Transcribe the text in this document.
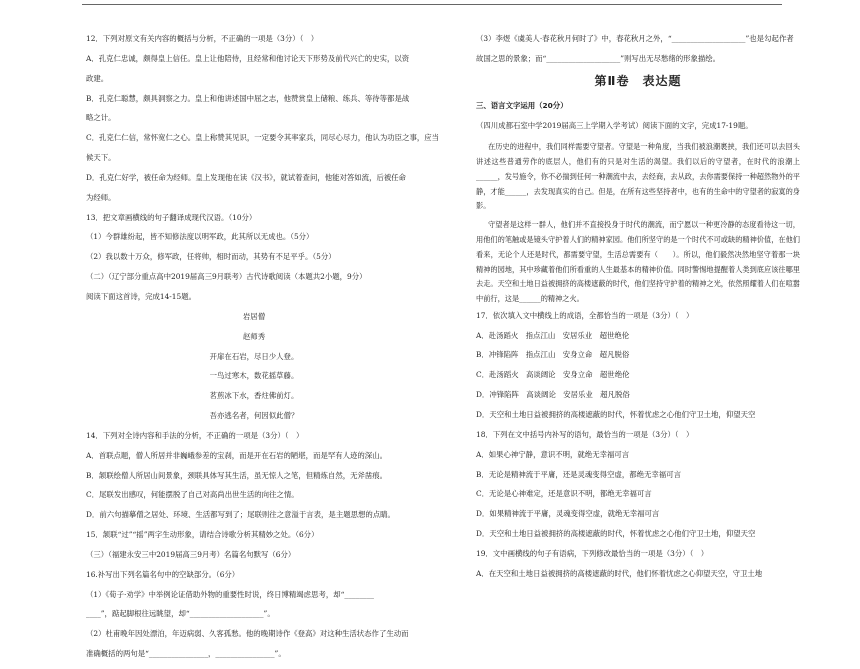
12．下列对原文有关内容的概括与分析，不正确的一项是（3分）（　）
A．孔克仁忠诚，颇得皇上信任。皇上让他陪侍，且经常和他讨论天下形势及前代兴亡的史实，以资
政建。
B．孔克仁聪慧，颇具洞察之力。皇上和他讲述国中屈之志，他赞赏皇上储粮、练兵、等待等都是战
略之计。
C．孔克仁仁信，常怀宽仁之心。皇上称赞其见识，一定要令其率家兵，同尽心尽力，他认为功臣之事，应当
候天下。
D．孔克仁好学，被任命为经师。皇上发现他在读《汉书》，就试着查问，他能对答如流，后被任命
为经师。
13．把文章画横线的句子翻译成现代汉语。（10分）
（1）今群雄纷起，皆不知修法度以明军政，此其所以无成也。（5分）
（2）我以数十万众，修军政，任将帅，相时而动，其势有不足平乎。（5分）
（二）（辽宁部分重点高中2019届高三9月联考）古代诗歌阅读（本题共2小题，9分）
阅读下面这首诗，完成14-15题。
岩居僧
赵师秀
开扉在石岩，尽日少人登。
一鸟过寒木，数花摇草藤。
茗煎冰下水，香炷佛前灯。
吾亦逃名者，何因似此僧？
14．下列对全诗内容和手法的分析，不正确的一项是（3分）（　）
A．首联点题，僧人所居并非巍峨参差的宝刹，而是开在石岩的陋堪，而是罕有人迹的深山。
B．颔联绘僧人所居山间景象，颈联具体写其生活，虽无惊人之笔，但精炼自然，无斧凿痕。
C．尾联发出感叹，何能摆脱了自己对高尚出世生活的向往之情。
D．前六句描摹僧之居处、环境、生活都写到了；尾联则往之意溢于言表，是主题思想的点睛。
15．颔联“过”“摇”两字生动形象，请结合诗歌分析其精妙之处。（6分）
（三）（福建永安三中2019届高三9月考）名篇名句默写（6分）
16.补写出下列名篇名句中的空缺部分。（6分）
（1）《荀子·劝学》中举例论证借助外物的重要性时说，终日博精竭虑思考，却“________
____”，踮起脚根往远眺望，却“____________________”。
（2）杜甫晚年因处漂泊，年迈病弱、久客孤愁。他的晚期诗作《登高》对这种生活状态作了生动而
准确概括的两句是“________________，________________”。
（3）李煜《虞美人·春花秋月何时了》中，春花秋月之外，“____________________”也是勾起作者
故国之思的景象；而“____________________”则写出无尽愁绪的形象描绘。
第Ⅱ卷　表达题
三、语言文字运用（20分）
（四川成都石室中学2019届高三上学期入学考试）阅读下面的文字，完成17-19题。
在历史的进程中，我们同样需要守望者。守望是一种角度，当我们被浪潮裹挟，我们还可以去回头讲述这些普通劳作的底层人，他们有的只是对生活的渴望。我们以后的守望者，在时代的浪潮上______，发号施令，你不必揣到任何一种潮流中去，去经商，去从政，去你需要保持一种超然物外的平静，才能______，去发现真实的自己。但是，在所有这些坚持者中，也有的生命中的守望者的寂寞的身影。
守望者是这样一群人，他们并不直接投身于时代的潮流，而宁愿以一种更冷静的态度看待这一切，用他们的笔触或是镜头守护着人们的精神家园。他们所坚守的是一个时代不可或缺的精神价值，在他们看来，无论个人还是时代，都需要守望，生活总需要有（　　）。所以，他们毅然决然地坚守着那一块精神的园地，其中珍藏着他们所看重的人生最基本的精神价值。同时警惕地提醒着人类到底应该往哪里去走。天空和土地日益被拥挤的高楼遮蔽的时代，他们坚持守护着的精神之光，依然照耀着人们在喧嚣中前行，这是______的精神之火。
17．依次填入文中横线上的成语，全都恰当的一项是（3分）（　）
A．赴汤蹈火　指点江山　安居乐业　超世绝伦
B．冲锋陷阵　指点江山　安身立命　超凡脱俗
C．赴汤蹈火　高谈阔论　安身立命　超世绝伦
D．冲锋陷阵　高谈阔论　安居乐业　超凡脱俗
D．天空和土地日益被拥挤的高楼遮蔽的时代，怀着忧虑之心他们守卫土地，仰望天空
18．下列在文中括号内补写的语句，最恰当的一项是（3分）（　）
A．如果心神宁静，意识不明，就绝无幸福可言
B．无论是精神流于平庸，还是灵魂变得空虚，都绝无幸福可言
C．无论是心神难定，还是意识不明，都绝无幸福可言
D．如果精神流于平庸，灵魂变得空虚，就绝无幸福可言
D．天空和土地日益被拥挤的高楼遮蔽的时代，怀着忧虑之心他们守卫土地，仰望天空
19．文中画横线的句子有语病，下列修改最恰当的一项是（3分）（　）
A．在天空和土地日益被拥挤的高楼遮蔽的时代，他们怀着忧虑之心仰望天空，守卫土地
